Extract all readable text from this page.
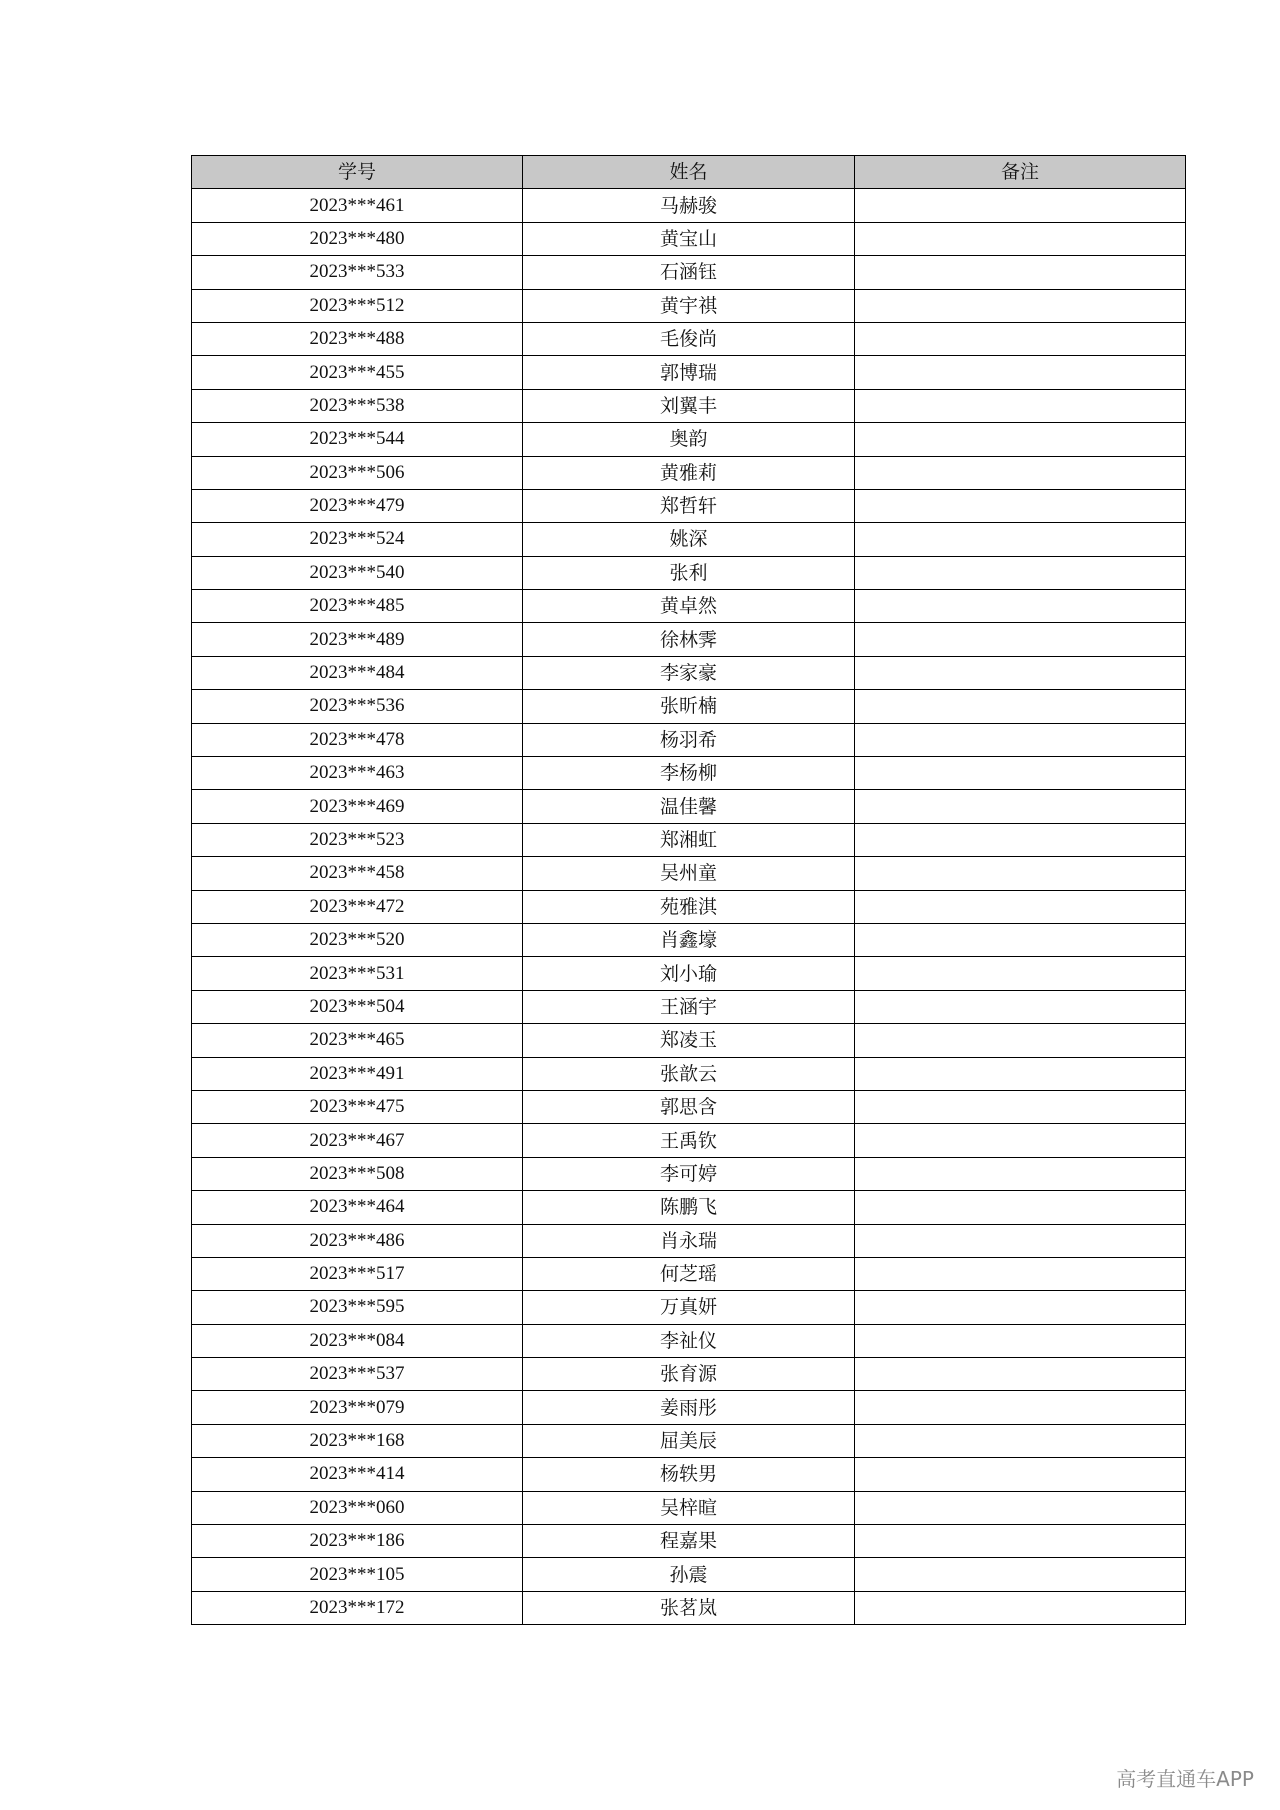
学号	姓名	备注
2023***461	马赫骏	
2023***480	黄宝山	
2023***533	石涵钰	
2023***512	黄宇祺	
2023***488	毛俊尚	
2023***455	郭博瑞	
2023***538	刘翼丰	
2023***544	奥韵	
2023***506	黄雅莉	
2023***479	郑哲轩	
2023***524	姚深	
2023***540	张利	
2023***485	黄卓然	
2023***489	徐林霁	
2023***484	李家豪	
2023***536	张昕楠	
2023***478	杨羽希	
2023***463	李杨柳	
2023***469	温佳馨	
2023***523	郑湘虹	
2023***458	吴州童	
2023***472	苑雅淇	
2023***520	肖鑫壕	
2023***531	刘小瑜	
2023***504	王涵宇	
2023***465	郑凌玉	
2023***491	张歆云	
2023***475	郭思含	
2023***467	王禹钦	
2023***508	李可婷	
2023***464	陈鹏飞	
2023***486	肖永瑞	
2023***517	何芝瑶	
2023***595	万真妍	
2023***084	李祉仪	
2023***537	张育源	
2023***079	姜雨彤	
2023***168	屈美辰	
2023***414	杨轶男	
2023***060	吴梓暄	
2023***186	程嘉果	
2023***105	孙震	
2023***172	张茗岚	
高考直通车APP
